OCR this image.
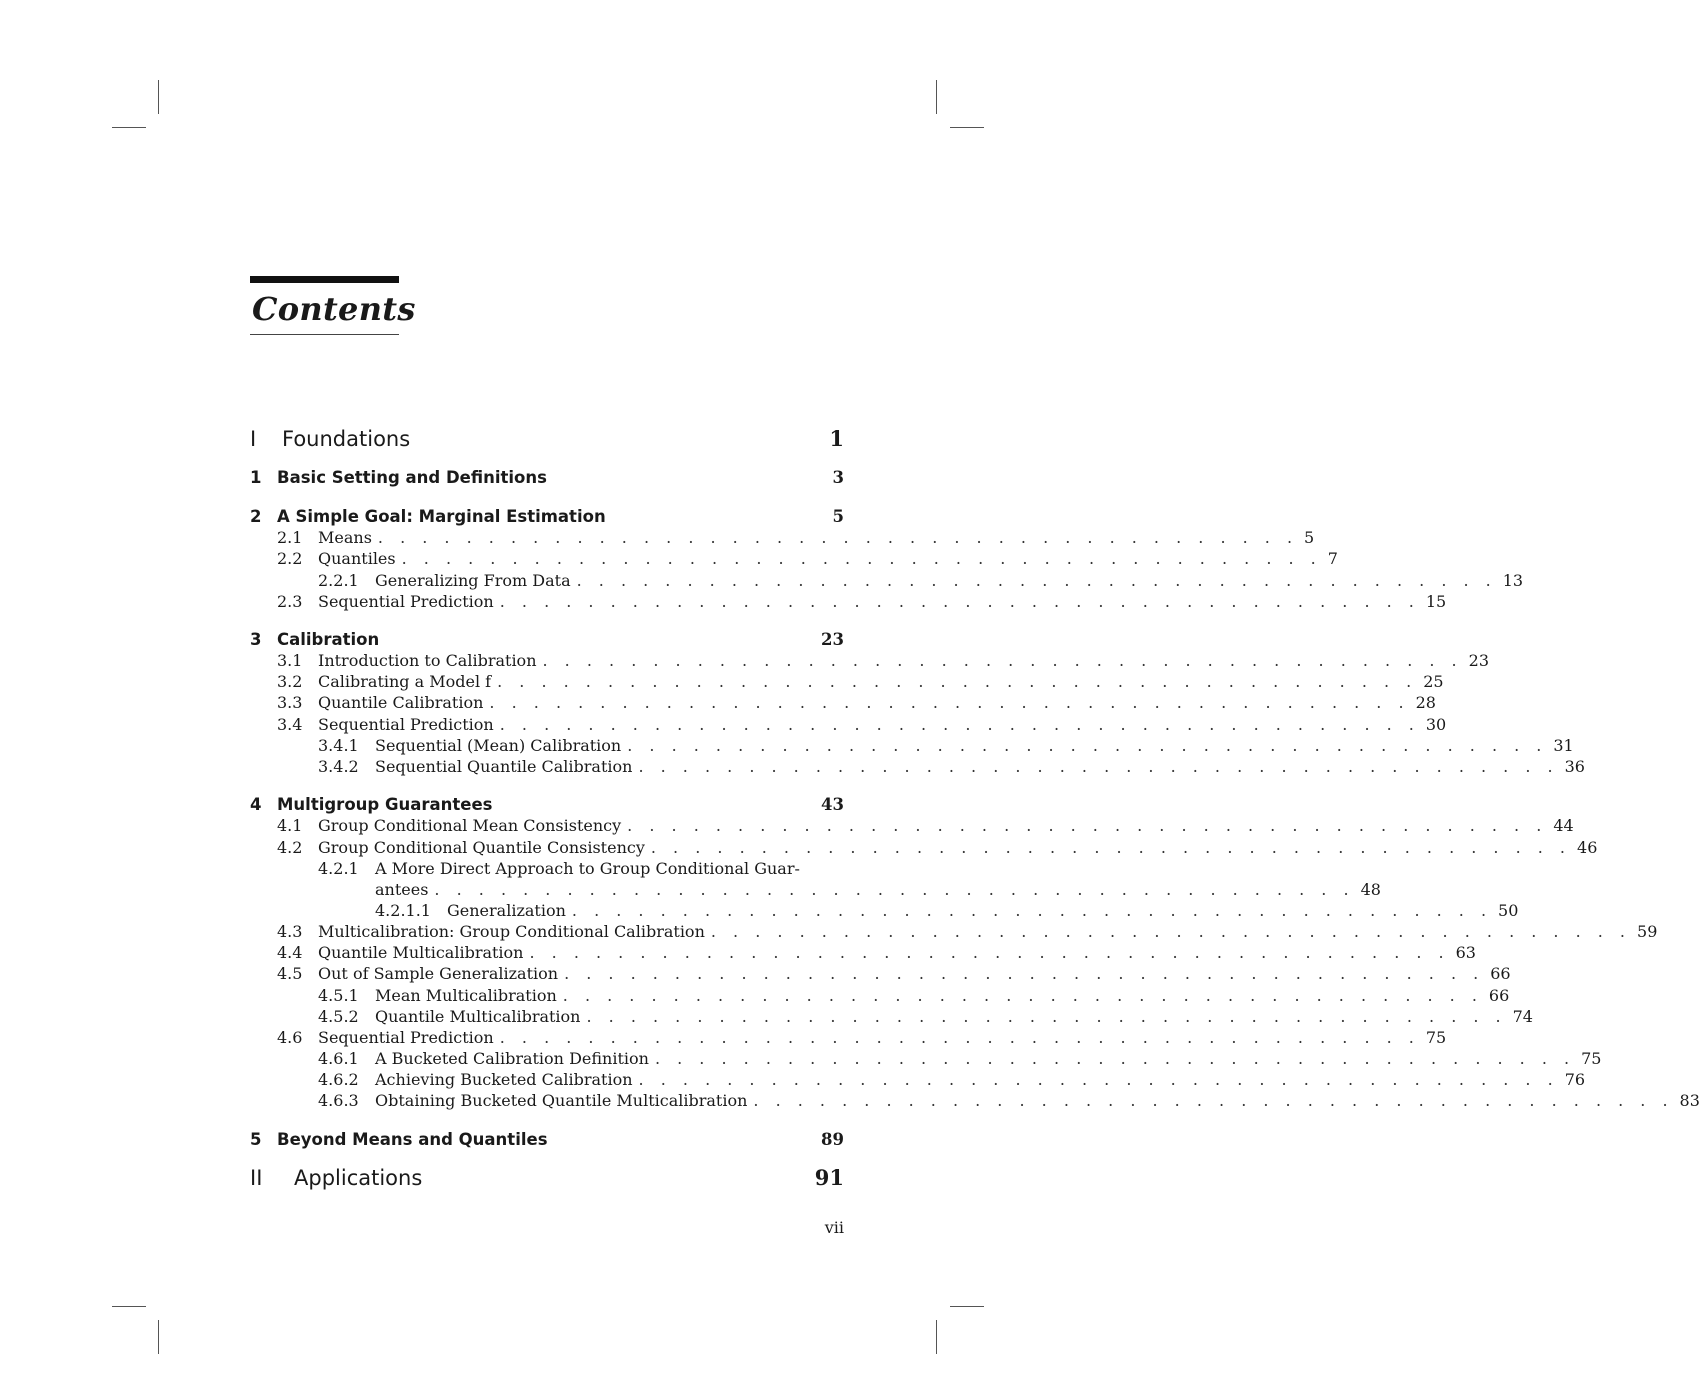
Contents
I	Foundations	1
1 Basic Setting and Definitions	3
2 A Simple Goal: Marginal Estimation	5
2.1 Means . . . . . . . . . . . . . . . . . . . . . . . . . . . . . . . . . . . . . . . . . . 5
2.2 Quantiles . . . . . . . . . . . . . . . . . . . . . . . . . . . . . . . . . . . . . . . . . . 7
2.2.1	Generalizing From Data . . . . . . . . . . . . . . . . . . . . . . . . . . . . . . . . . . . . . . . . . . 13
2.3 Sequential Prediction . . . . . . . . . . . . . . . . . . . . . . . . . . . . . . . . . . . . . . . . . . 15
3 Calibration	23
3.1 Introduction to Calibration . . . . . . . . . . . . . . . . . . . . . . . . . . . . . . . . . . . . . . . . . . 23
3.2 Calibrating a Model f . . . . . . . . . . . . . . . . . . . . . . . . . . . . . . . . . . . . . . . . . . 25
3.3 Quantile Calibration . . . . . . . . . . . . . . . . . . . . . . . . . . . . . . . . . . . . . . . . . . 28
3.4 Sequential Prediction . . . . . . . . . . . . . . . . . . . . . . . . . . . . . . . . . . . . . . . . . . 30
3.4.1	Sequential (Mean) Calibration . . . . . . . . . . . . . . . . . . . . . . . . . . . . . . . . . . . . . . . . . . 31
3.4.2	Sequential Quantile Calibration . . . . . . . . . . . . . . . . . . . . . . . . . . . . . . . . . . . . . . . . . . 36
4 Multigroup Guarantees	43
4.1 Group Conditional Mean Consistency . . . . . . . . . . . . . . . . . . . . . . . . . . . . . . . . . . . . . . . . . . 44
4.2 Group Conditional Quantile Consistency . . . . . . . . . . . . . . . . . . . . . . . . . . . . . . . . . . . . . . . . . . 46
4.2.1	A More Direct Approach to Group Conditional Guar-
antees . . . . . . . . . . . . . . . . . . . . . . . . . . . . . . . . . . . . . . . . . . 48
4.2.1.1	Generalization . . . . . . . . . . . . . . . . . . . . . . . . . . . . . . . . . . . . . . . . . . 50
4.3 Multicalibration: Group Conditional Calibration . . . . . . . . . . . . . . . . . . . . . . . . . . . . . . . . . . . . . . . . . . 59
4.4 Quantile Multicalibration . . . . . . . . . . . . . . . . . . . . . . . . . . . . . . . . . . . . . . . . . . 63
4.5 Out of Sample Generalization . . . . . . . . . . . . . . . . . . . . . . . . . . . . . . . . . . . . . . . . . . 66
4.5.1	Mean Multicalibration . . . . . . . . . . . . . . . . . . . . . . . . . . . . . . . . . . . . . . . . . . 66
4.5.2	Quantile Multicalibration . . . . . . . . . . . . . . . . . . . . . . . . . . . . . . . . . . . . . . . . . . 74
4.6 Sequential Prediction . . . . . . . . . . . . . . . . . . . . . . . . . . . . . . . . . . . . . . . . . . 75
4.6.1	A Bucketed Calibration Definition . . . . . . . . . . . . . . . . . . . . . . . . . . . . . . . . . . . . . . . . . . 75
4.6.2	Achieving Bucketed Calibration . . . . . . . . . . . . . . . . . . . . . . . . . . . . . . . . . . . . . . . . . . 76
4.6.3	Obtaining Bucketed Quantile Multicalibration . . . . . . . . . . . . . . . . . . . . . . . . . . . . . . . . . . . . . . . . . . 83
5 Beyond Means and Quantiles	89
II	Applications	91
vii
